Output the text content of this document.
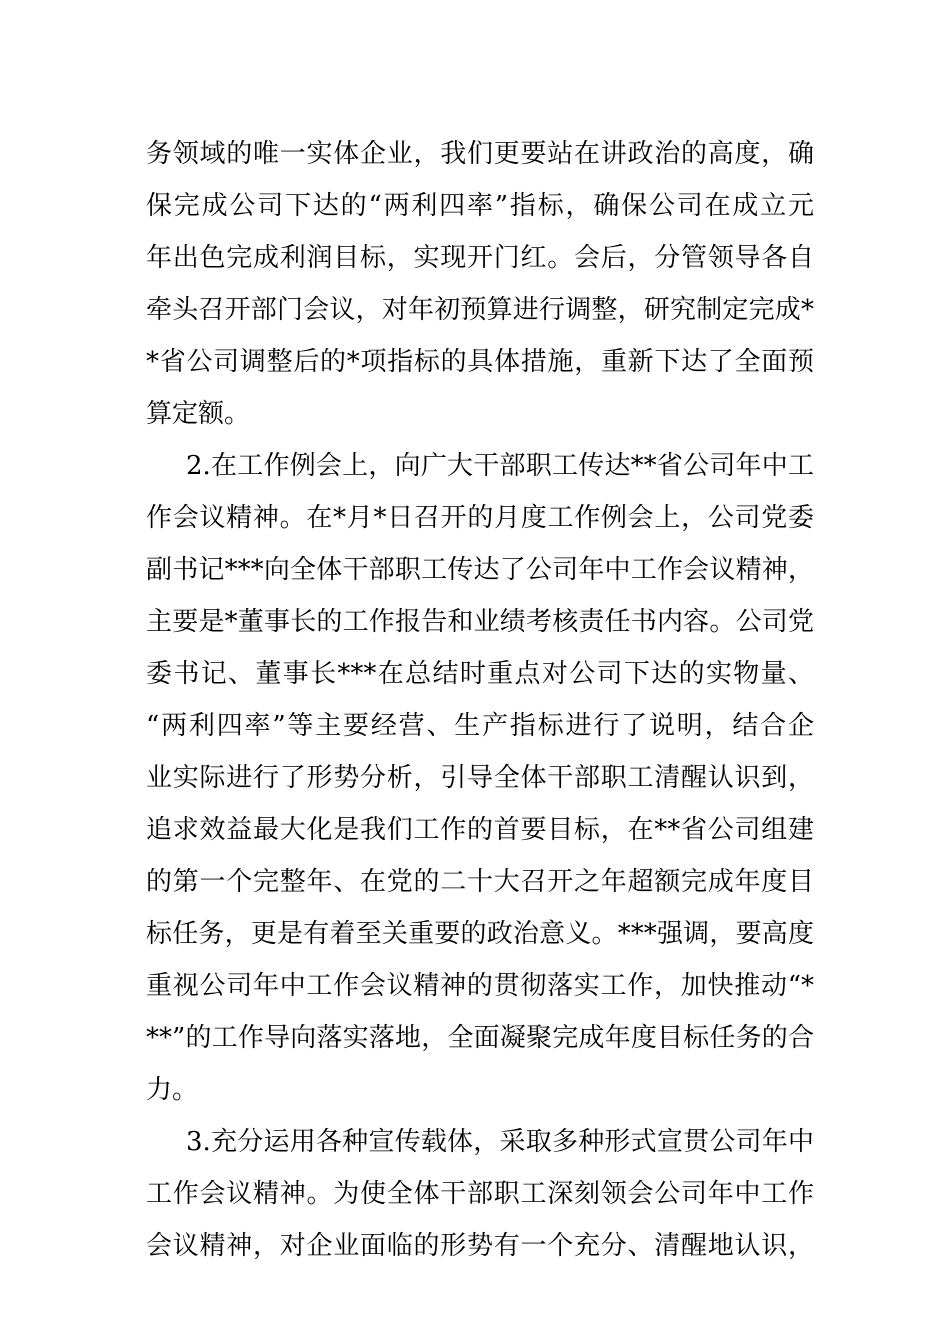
务领域的唯一实体企业，我们更要站在讲政治的高度，确
保完成公司下达的“两利四率”指标，确保公司在成立元
年出色完成利润目标，实现开门红。会后，分管领导各自
牵头召开部门会议，对年初预算进行调整，研究制定完成*
*省公司调整后的*项指标的具体措施，重新下达了全面预
算定额。
2.在工作例会上，向广大干部职工传达**省公司年中工
作会议精神。在*月*日召开的月度工作例会上，公司党委
副书记***向全体干部职工传达了公司年中工作会议精神，
主要是*董事长的工作报告和业绩考核责任书内容。公司党
委书记、董事长***在总结时重点对公司下达的实物量、
“两利四率”等主要经营、生产指标进行了说明，结合企
业实际进行了形势分析，引导全体干部职工清醒认识到，
追求效益最大化是我们工作的首要目标，在**省公司组建
的第一个完整年、在党的二十大召开之年超额完成年度目
标任务，更是有着至关重要的政治意义。***强调，要高度
重视公司年中工作会议精神的贯彻落实工作，加快推动“*
**”的工作导向落实落地，全面凝聚完成年度目标任务的合
力。
3.充分运用各种宣传载体，采取多种形式宣贯公司年中
工作会议精神。为使全体干部职工深刻领会公司年中工作
会议精神，对企业面临的形势有一个充分、清醒地认识，
